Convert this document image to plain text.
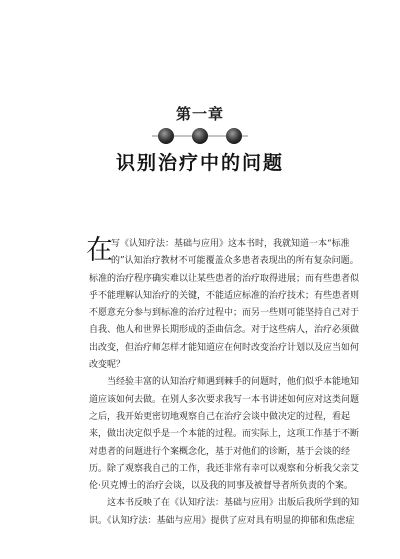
第一章
识别治疗中的问题
在
写《认知疗法：基础与应用》这本书时，我就知道一本“标准
的”认知治疗教材不可能覆盖众多患者表现出的所有复杂问题。
标准的治疗程序确实难以让某些患者的治疗取得进展；而有些患者似
乎不能理解认知治疗的关键，不能适应标准的治疗技术；有些患者则
不愿意充分参与到标准的治疗过程中；而另一些则可能坚持自己对于
自我、他人和世界长期形成的歪曲信念。对于这些病人，治疗必须做
出改变，但治疗师怎样才能知道应在何时改变治疗计划以及应当如何
改变呢？
当经验丰富的认知治疗师遇到棘手的问题时，他们似乎本能地知
道应该如何去做。在别人多次要求我写一本书讲述如何应对这类问题
之后，我开始更密切地观察自己在治疗会谈中做决定的过程，看起
来，做出决定似乎是一个本能的过程。而实际上，这项工作基于不断
对患者的问题进行个案概念化，基于对他们的诊断，基于会谈的经
历。除了观察我自己的工作，我还非常有幸可以观察和分析我父亲艾
伦·贝克博士的治疗会谈，以及我的同事及被督导者所负责的个案。
这本书反映了在《认知疗法：基础与应用》出版后我所学到的知
识。《认知疗法：基础与应用》提供了应对具有明显的抑郁和焦虑症
